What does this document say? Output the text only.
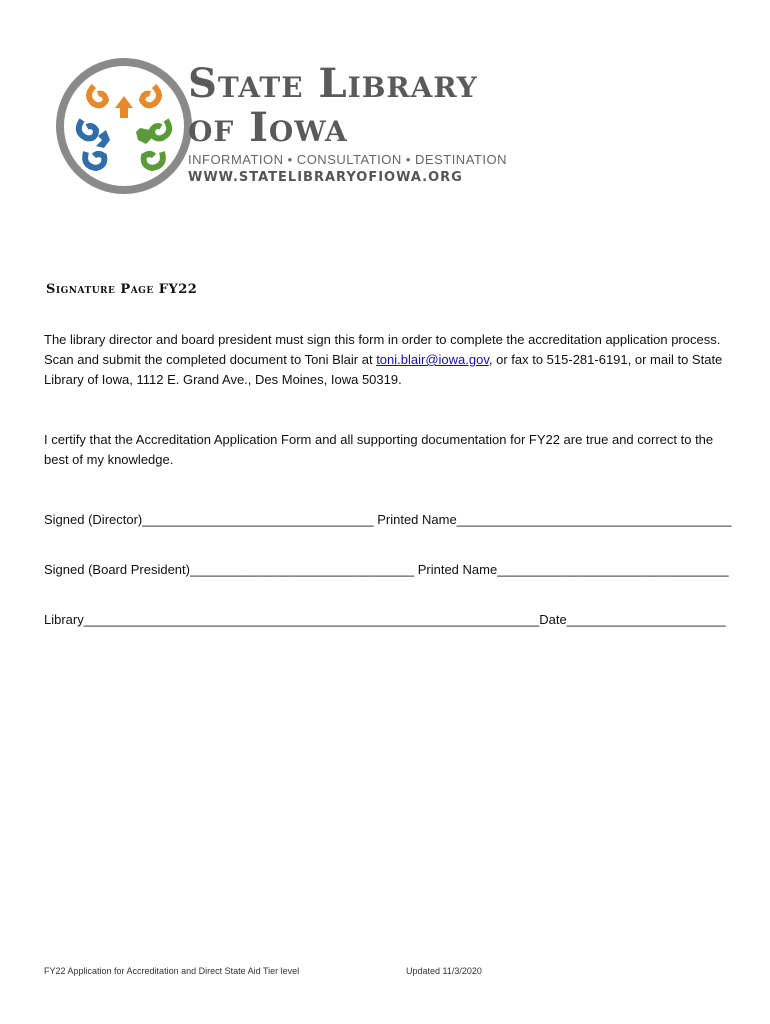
State Library
of Iowa
INFORMATION • CONSULTATION • DESTINATION
WWW.STATELIBRARYOFIOWA.ORG
Signature Page FY22
The library director and board president must sign this form in order to complete the accreditation application process. Scan and submit the completed document to Toni Blair at toni.blair@iowa.gov, or fax to 515-281-6191, or mail to State Library of Iowa, 1112 E. Grand Ave., Des Moines, Iowa 50319.
I certify that the Accreditation Application Form and all supporting documentation for FY22 are true and correct to the best of my knowledge.
Signed (Director)________________________________ Printed Name______________________________________
Signed (Board President)_______________________________ Printed Name________________________________
Library_______________________________________________________________Date______________________
FY22 Application for Accreditation and Direct State Aid Tier level	Updated 11/3/2020
